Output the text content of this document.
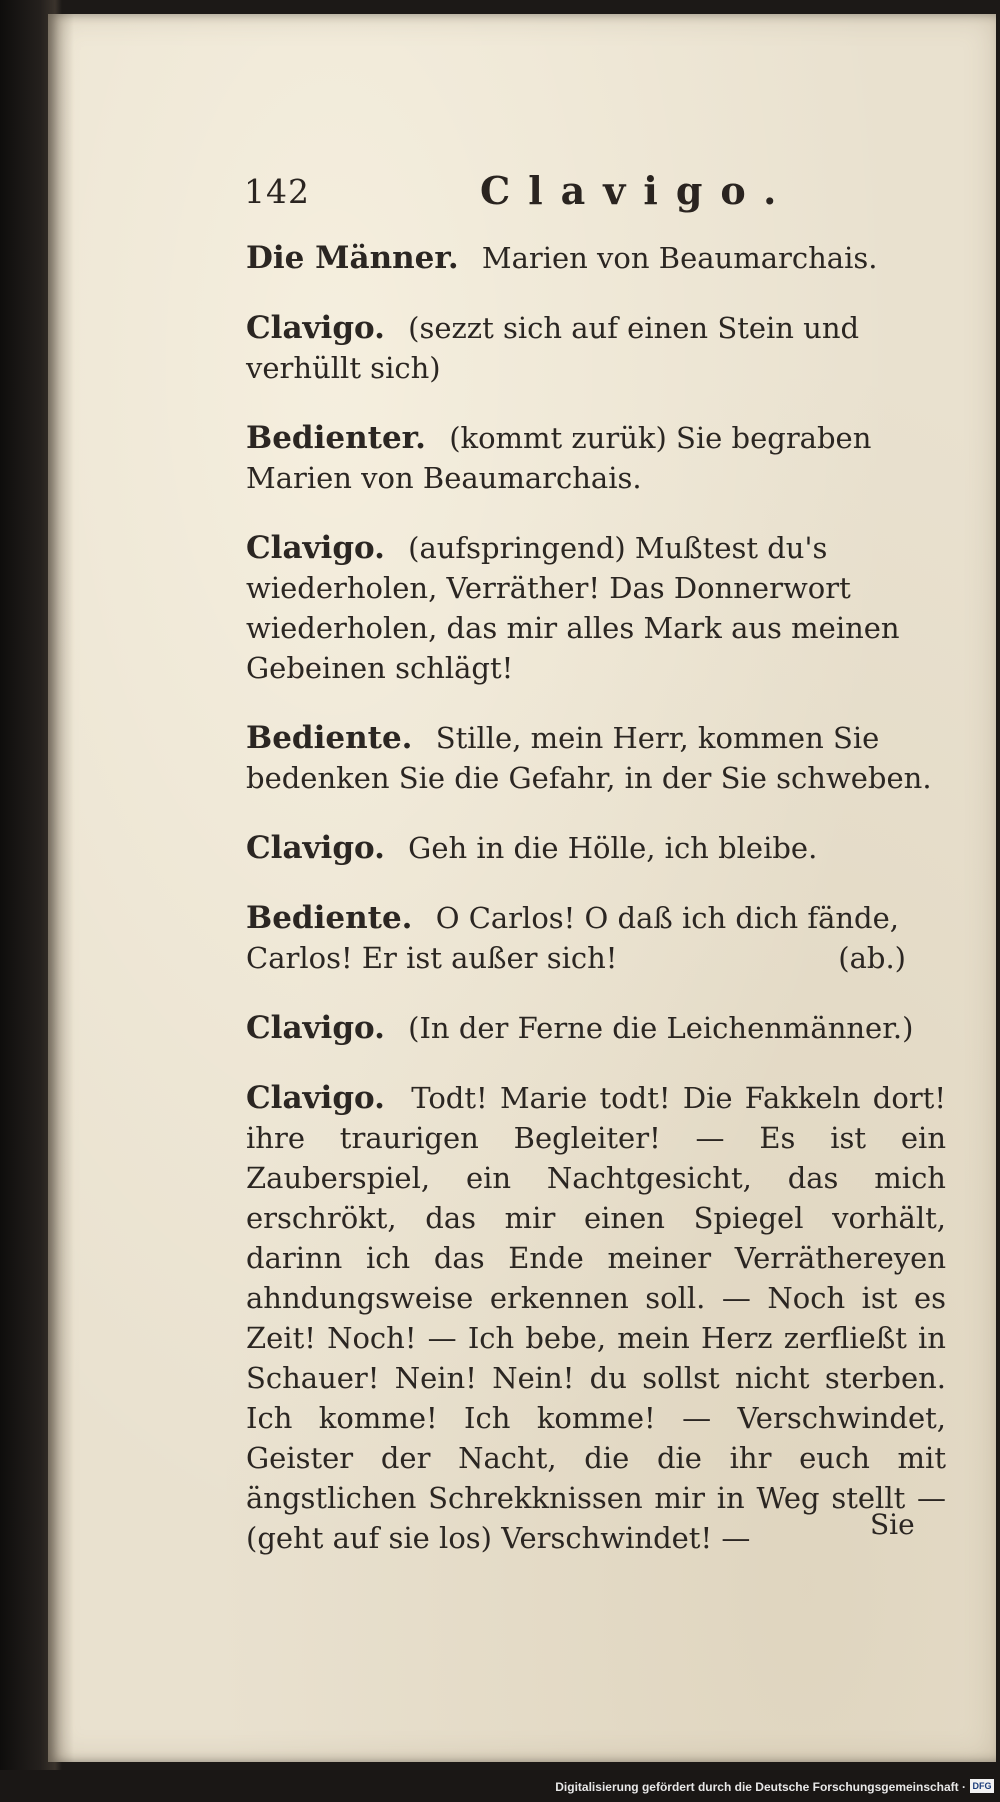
142	Clavigo.

Die Männer. Marien von Beaumarchais.

Clavigo. (sezzt sich auf einen Stein und verhüllt sich)

Bedienter. (kommt zurük) Sie begraben Marien von Beaumarchais.

Clavigo. (aufspringend) Mußtest du's wiederholen, Verräther! Das Donnerwort wiederholen, das mir alles Mark aus meinen Gebeinen schlägt!

Bediente. Stille, mein Herr, kommen Sie bedenken Sie die Gefahr, in der Sie schweben.

Clavigo. Geh in die Hölle, ich bleibe.

Bediente. O Carlos! O daß ich dich fände, Carlos! Er ist außer sich!	(ab.)

Clavigo. (In der Ferne die Leichenmänner.)

Clavigo. Todt! Marie todt! Die Fakkeln dort! ihre traurigen Begleiter! — Es ist ein Zauberspiel, ein Nachtgesicht, das mich erschrökt, das mir einen Spiegel vorhält, darinn ich das Ende meiner Verräthereyen ahndungsweise erkennen soll. — Noch ist es Zeit! Noch! — Ich bebe, mein Herz zerfließt in Schauer! Nein! Nein! du sollst nicht sterben. Ich komme! Ich komme! — Verschwindet, Geister der Nacht, die die ihr euch mit ängstlichen Schrekknissen mir in Weg stellt — (geht auf sie los) Verschwindet! —	Sie
Digitalisierung gefördert durch die Deutsche Forschungsgemeinschaft · DFG
